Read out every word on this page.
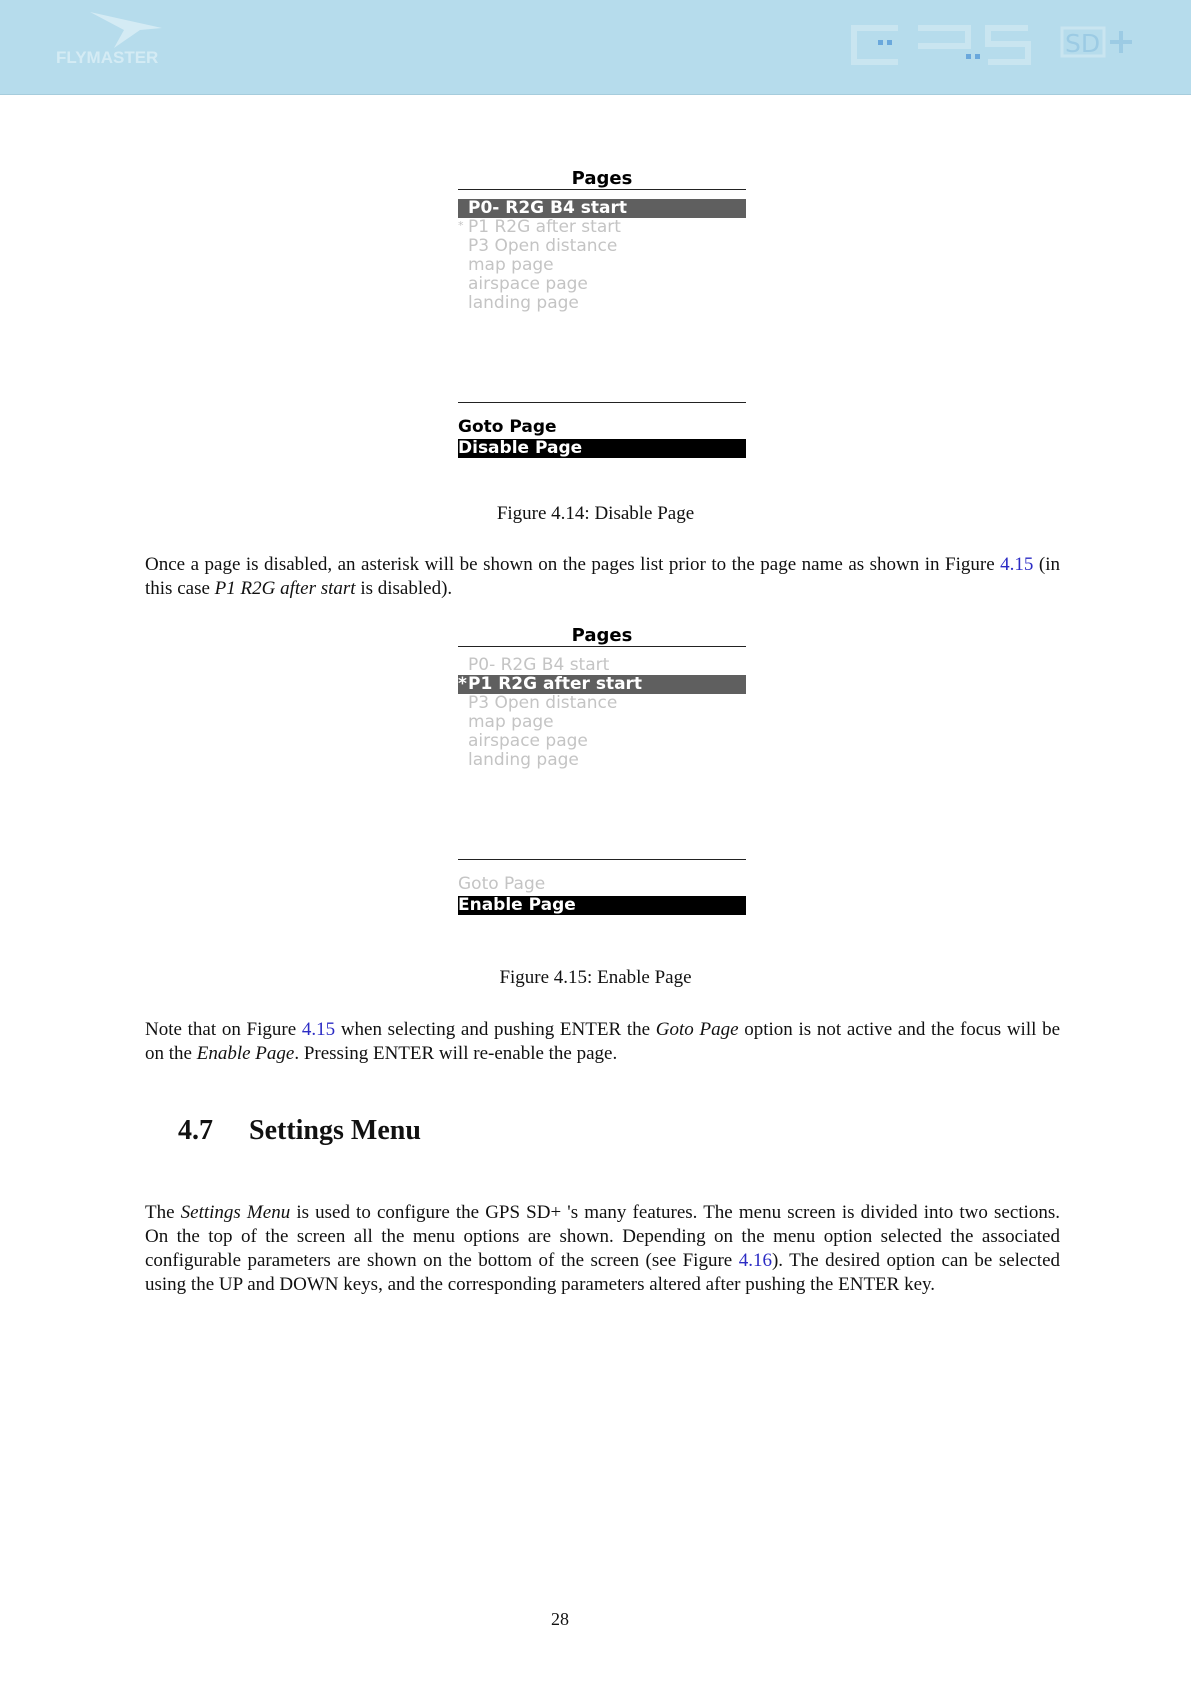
FLYMASTER	SD
Pages

P0- R2G B4 start

*

P1 R2G after start

P3 Open distance

map page

airspace page

landing page

Goto Page
Disable Page
Figure 4.14: Disable Page
Once a page is disabled, an asterisk will be shown on the pages list prior to the page name as shown in Figure 4.15 (in this case P1 R2G after start is disabled).
Pages

P0- R2G B4 start

*

P1 R2G after start

P3 Open distance

map page

airspace page

landing page

Goto Page
Enable Page
Figure 4.15: Enable Page
Note that on Figure 4.15 when selecting and pushing ENTER the Goto Page option is not active and the focus will be on the Enable Page. Pressing ENTER will re-enable the page.
4.7 Settings Menu
The Settings Menu is used to configure the GPS SD+ 's many features. The menu screen is divided into two sections. On the top of the screen all the menu options are shown. Depending on the menu option selected the associated configurable parameters are shown on the bottom of the screen (see Figure 4.16). The desired option can be selected using the UP and DOWN keys, and the corresponding parameters altered after pushing the ENTER key.
28
